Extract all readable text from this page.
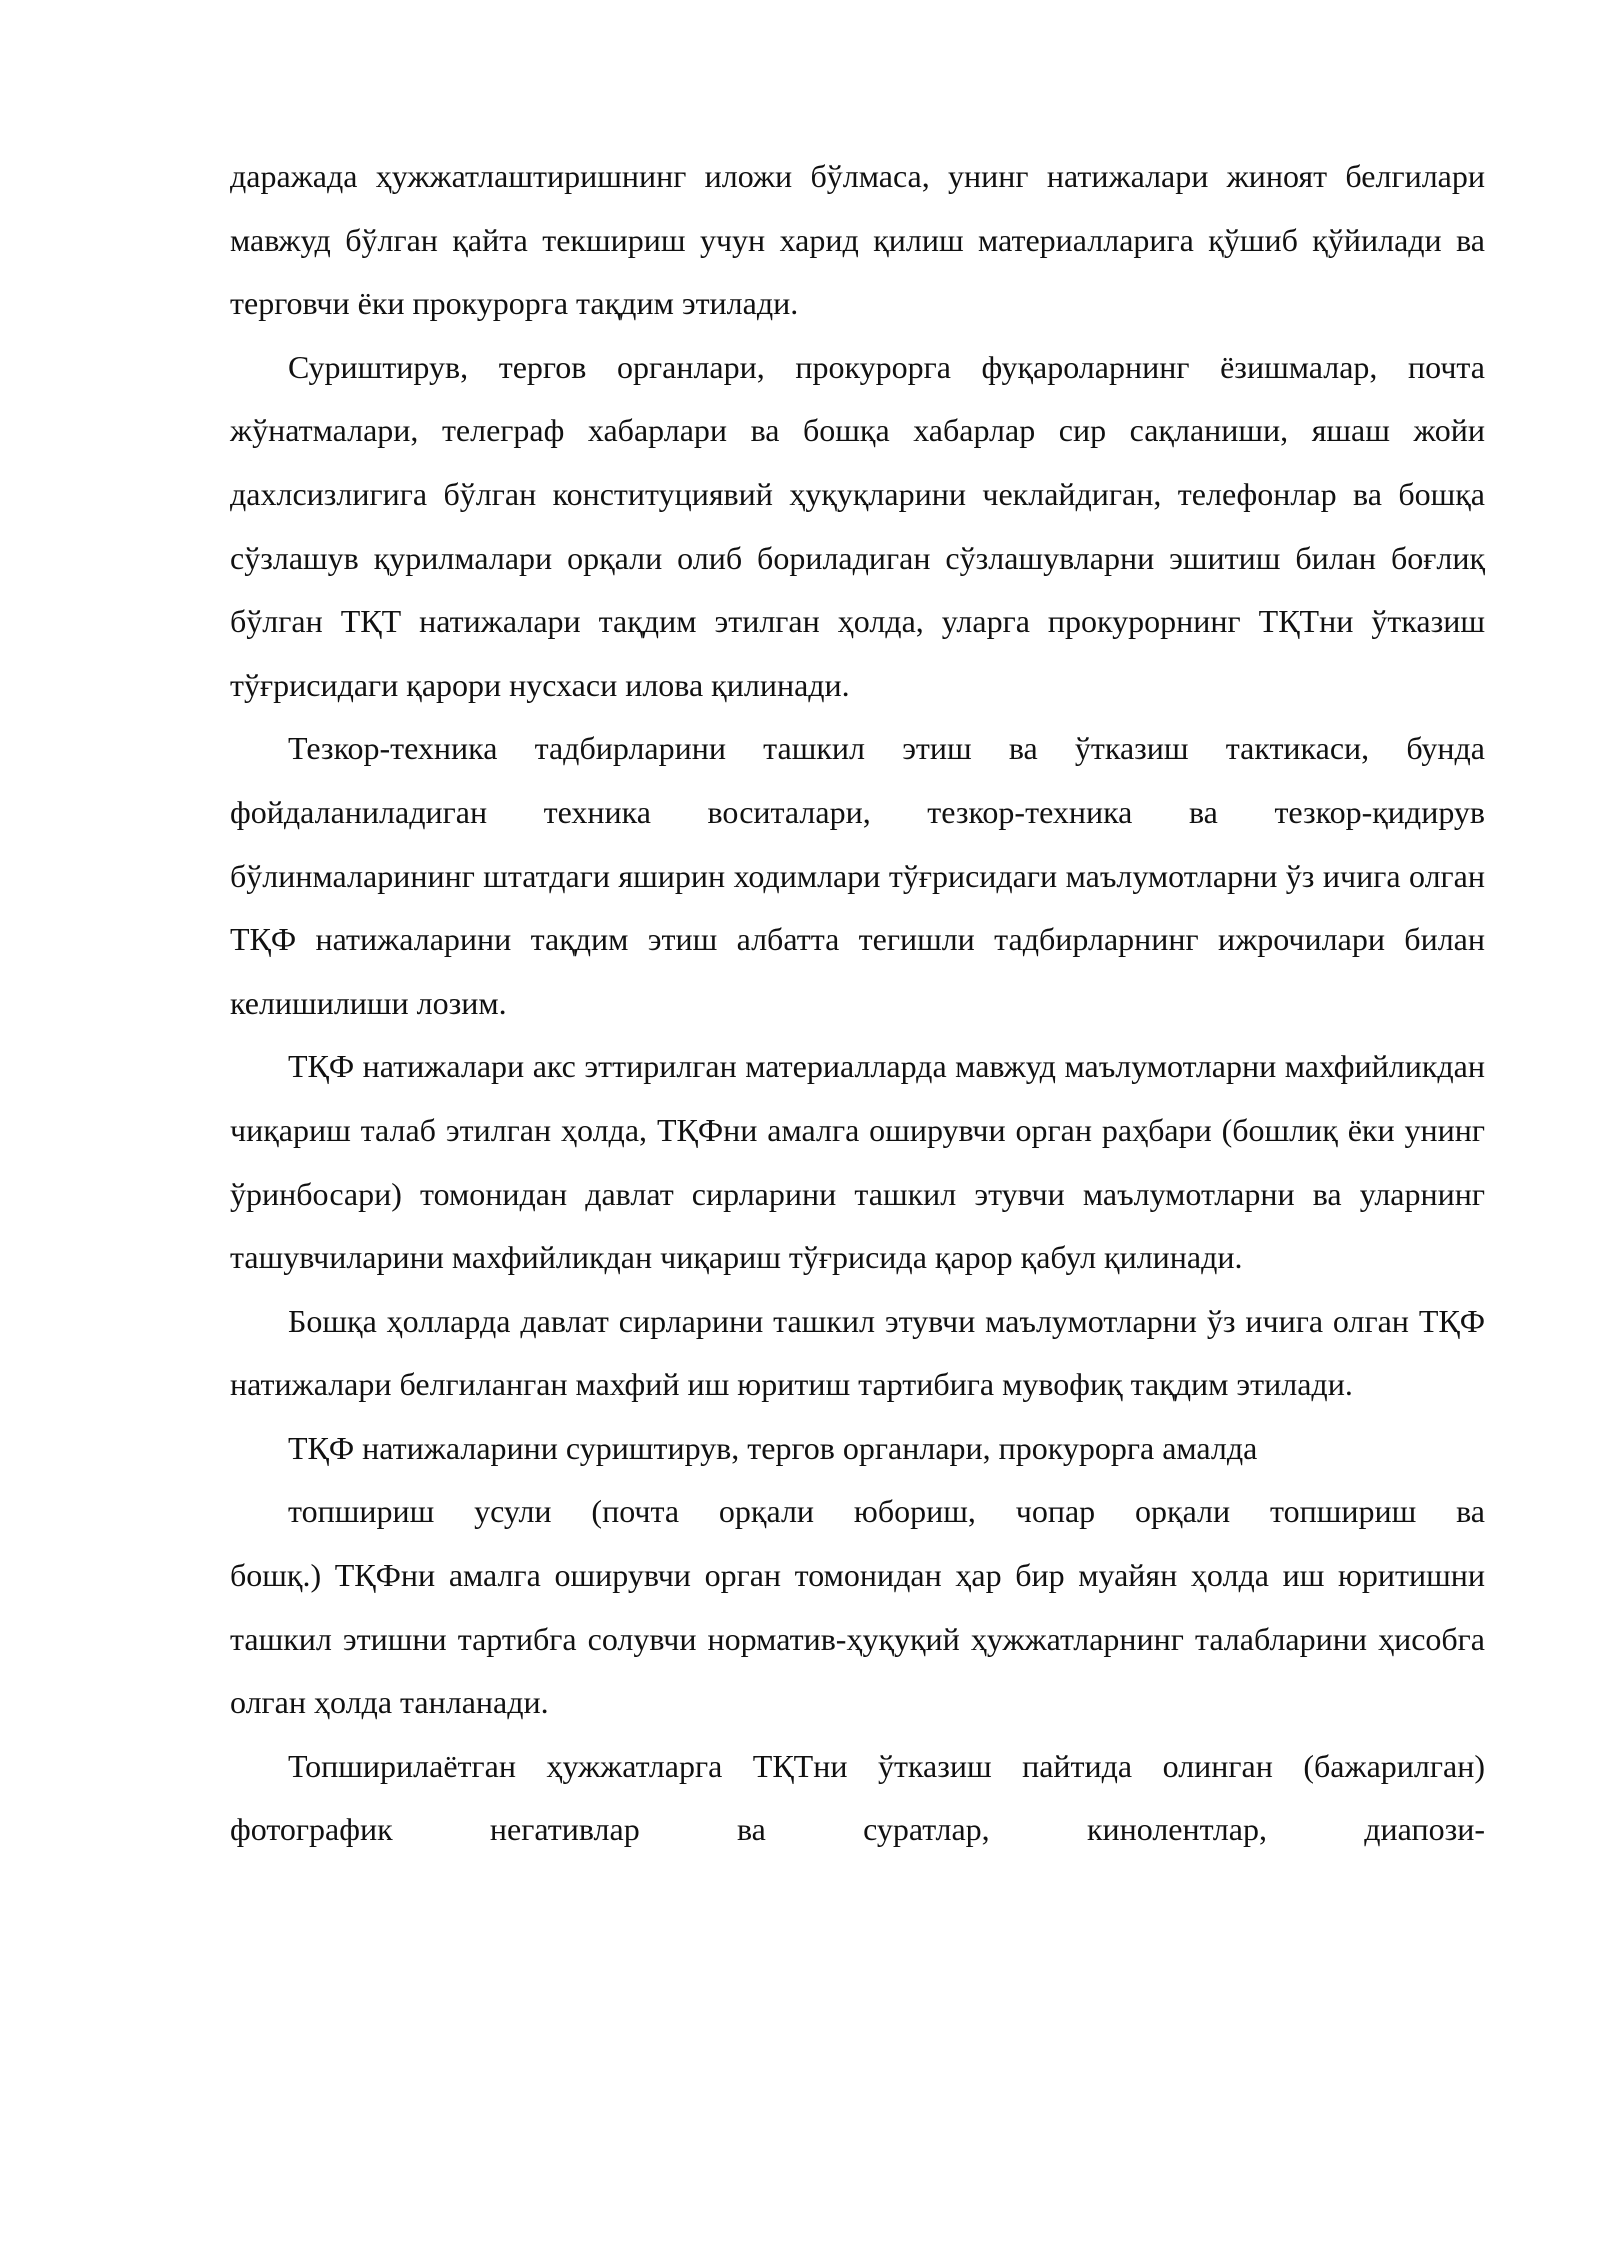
даражада ҳужжатлаштиришнинг иложи бўлмаса, унинг натижалари жиноят белгилари мавжуд бўлган қайта текшириш учун харид қилиш материалларига қўшиб қўйилади ва терговчи ёки прокурорга тақдим этилади.

Суриштирув, тергов органлари, прокурорга фуқароларнинг ёзишмалар, почта жўнатмалари, телеграф хабарлари ва бошқа хабарлар сир сақланиши, яшаш жойи дахлсизлигига бўлган конституциявий ҳуқуқларини чеклайдиган, телефонлар ва бошқа сўзлашув қурилмалари орқали олиб бориладиган сўзлашувларни эшитиш билан боғлиқ бўлган ТҚТ натижалари тақдим этилган ҳолда, уларга прокурорнинг ТҚТни ўтказиш тўғрисидаги қарори нусхаси илова қилинади.

Тезкор-техника тадбирларини ташкил этиш ва ўтказиш тактикаси, бунда фойдаланиладиган техника воситалари, тезкор-техника ва тезкор-қидирув бўлинмаларининг штатдаги яширин ходимлари тўғрисидаги маълумотларни ўз ичига олган ТҚФ натижаларини тақдим этиш албатта тегишли тадбирларнинг ижрочилари билан келишилиши лозим.

ТҚФ натижалари акс эттирилган материалларда мавжуд маълумотларни махфийликдан чиқариш талаб этилган ҳолда, ТҚФни амалга оширувчи орган раҳбари (бошлиқ ёки унинг ўринбосари) томонидан давлат сирларини ташкил этувчи маълумотларни ва уларнинг ташувчиларини махфийликдан чиқариш тўғрисида қарор қабул қилинади.

Бошқа ҳолларда давлат сирларини ташкил этувчи маълумотларни ўз ичига олган ТҚФ натижалари белгиланган махфий иш юритиш тартибига мувофиқ тақдим этилади.

ТҚФ натижаларини суриштирув, тергов органлари, прокурорга амалда

топшириш усули (почта орқали юбориш, чопар орқали топшириш ва

бошқ.) ТҚФни амалга оширувчи орган томонидан ҳар бир муайян ҳолда иш юритишни ташкил этишни тартибга солувчи норматив-ҳуқуқий ҳужжатларнинг талабларини ҳисобга олган ҳолда танланади.

Топширилаётган ҳужжатларга ТҚТни ўтказиш пайтида олинган (бажарилган) фотографик негативлар ва суратлар, кинолентлар, диапози-
